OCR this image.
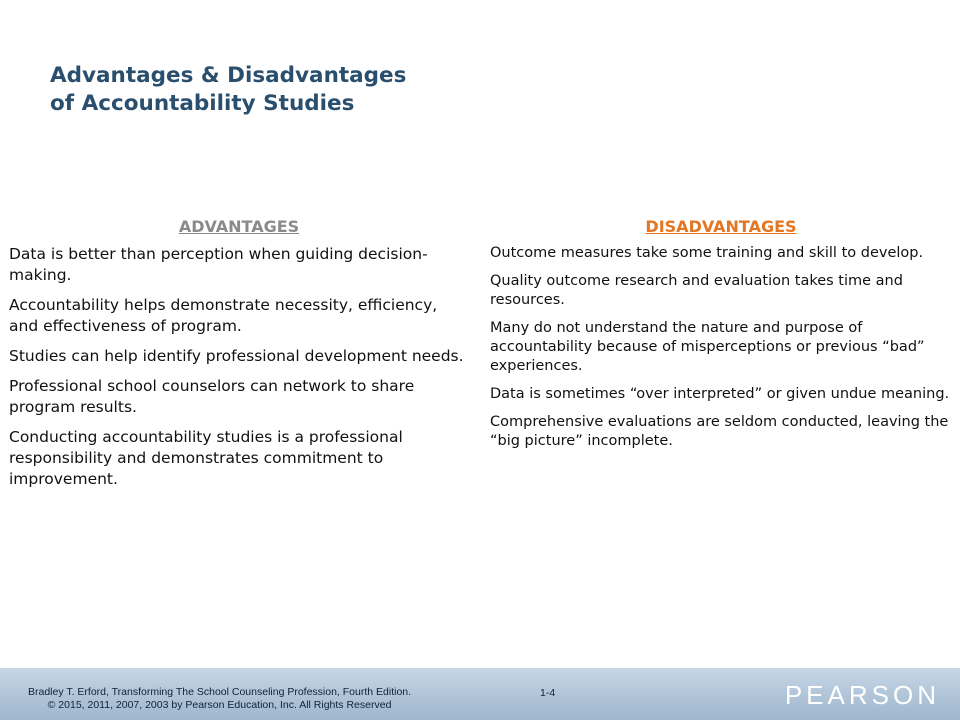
Advantages & Disadvantages
of Accountability Studies
ADVANTAGES
Data is better than perception when guiding decision-making.
Accountability helps demonstrate necessity, efficiency, and effectiveness of program.
Studies can help identify professional development needs.
Professional school counselors can network to share program results.
Conducting accountability studies is a professional responsibility and demonstrates commitment to improvement.
DISADVANTAGES
Outcome measures take some training and skill to develop.
Quality outcome research and evaluation takes time and resources.
Many do not understand the nature and purpose of accountability because of misperceptions or previous “bad” experiences.
Data is sometimes “over interpreted” or given undue meaning.
Comprehensive evaluations are seldom conducted, leaving the “big picture” incomplete.

Bradley T. Erford, Transforming The School Counseling Profession, Fourth Edition.
© 2015, 2011, 2007, 2003 by Pearson Education, Inc. All Rights Reserved

1-4	PEARSON
